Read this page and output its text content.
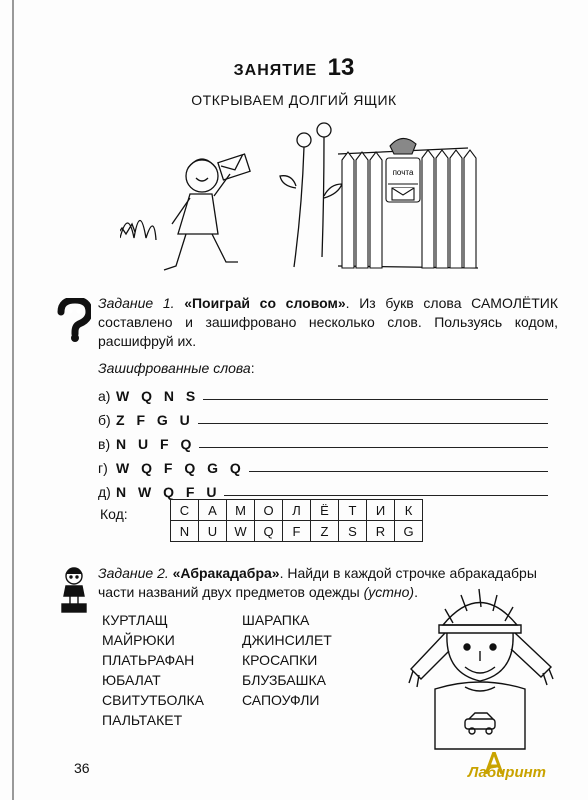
ЗАНЯТИЕ 13
ОТКРЫВАЕМ ДОЛГИЙ ЯЩИК
почта
Задание 1. «Поиграй со словом». Из букв слова САМОЛЁТИК составлено и зашифровано несколько слов. Пользуясь кодом, расшифруй их.
Зашифрованные слова:
а) W Q N S
б) Z F G U
в) N U F Q
г) W Q F Q G Q
д) N W Q F U
Код:	С	А	М	О	Л	Ё	Т	И	К
N	U	W	Q	F	Z	S	R	G
Задание 2. «Абракадабра». Найди в каждой строчке абракадабры части названий двух предметов одежды (устно).
КУРТЛАЩ	ШАРАПКА
МАЙРЮКИ	ДЖИНСИЛЕТ
ПЛАТЬРАФАН	КРОСАПКИ
ЮБАЛАТ	БЛУЗБАШКА
СВИТУТБОЛКА	САПОУФЛИ
ПАЛЬТАКЕТ
36	Лабиринт
